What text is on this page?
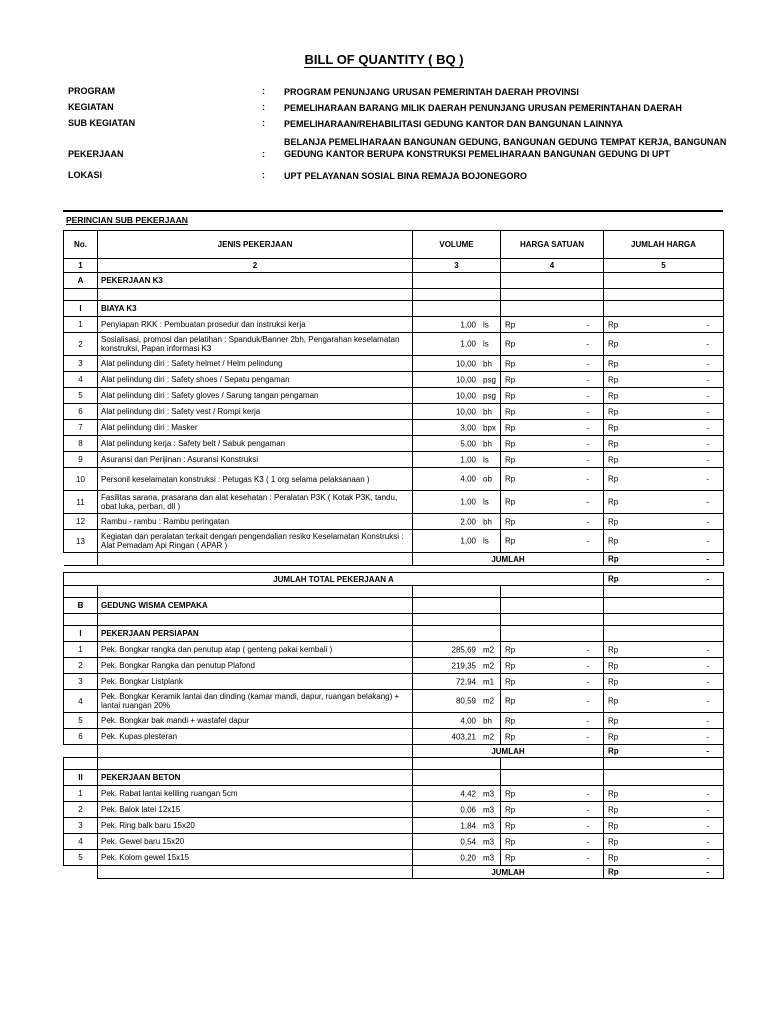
BILL OF QUANTITY ( BQ )
PROGRAM	: PROGRAM PENUNJANG URUSAN PEMERINTAH DAERAH PROVINSI
KEGIATAN	: PEMELIHARAAN BARANG MILIK DAERAH PENUNJANG URUSAN PEMERINTAHAN DAERAH
SUB KEGIATAN	: PEMELIHARAAN/REHABILITASI GEDUNG KANTOR DAN BANGUNAN LAINNYA
PEKERJAAN	:
BELANJA PEMELIHARAAN BANGUNAN GEDUNG, BANGUNAN GEDUNG TEMPAT KERJA, BANGUNAN GEDUNG KANTOR BERUPA KONSTRUKSI PEMELIHARAAN BANGUNAN GEDUNG DI UPT
LOKASI	: UPT PELAYANAN SOSIAL BINA REMAJA BOJONEGORO
PERINCIAN SUB PEKERJAAN
No.	JENIS PEKERJAAN	VOLUME	HARGA SATUAN	JUMLAH HARGA
1	2	3	4	5
A	PEKERJAAN K3			

I	BIAYA K3			
1	Penyiapan RKK : Pembuatan prosedur dan instruksi kerja	1,00 ls	Rp -	Rp -

2	Sosialisasi, promosi dan pelatihan : Spanduk/Banner 2bh, Pengarahan keselamatan konstruksi, Papan informasi K3	1,00 ls	Rp -	Rp -

3	Alat pelindung diri : Safety helmet / Helm pelindung	10,00 bh	Rp -	Rp -

4	Alat pelindung diri : Safety shoes / Sepatu pengaman	10,00 psg	Rp -	Rp -

5	Alat pelindung diri : Safety gloves / Sarung tangan pengaman	10,00 psg	Rp -	Rp -

6	Alat pelindung diri : Safety vest / Rompi kerja	10,00 bh	Rp -	Rp -

7	Alat pelindung diri : Masker	3,00 bpx	Rp -	Rp -

8	Alat pelindung kerja : Safety belt / Sabuk pengaman	5,00 bh	Rp -	Rp -

9	Asuransi dan Perijinan : Asuransi Konstruksi	1,00 ls	Rp -	Rp -

10	Personil keselamatan konstruksi : Petugas K3 ( 1 org selama pelaksanaan )	4,00 ob	Rp -	Rp -

11	Fasilitas sarana, prasarana dan alat kesehatan : Peralatan P3K ( Kotak P3K, tandu, obat luka, perban, dll )	1,00 ls	Rp -	Rp -

12	Rambu - rambu : Rambu peringatan	2,00 bh	Rp -	Rp -

13	Kegiatan dan peralatan terkait dengan pengendalian resiko Keselamatan Konstruksi : Alat Pemadam Api Ringan ( APAR )	1,00 ls	Rp -	Rp -

		JUMLAH		Rp -

JUMLAH TOTAL PEKERJAAN A				Rp -

B	GEDUNG WISMA CEMPAKA			

I	PEKERJAAN PERSIAPAN			
1	Pek. Bongkar rangka dan penutup atap ( genteng pakai kembali )	285,69 m2	Rp -	Rp -

2	Pek. Bongkar Rangka dan penutup Plafond	219,35 m2	Rp -	Rp -

3	Pek. Bongkar Listplank	72,94 m1	Rp -	Rp -

4	Pek. Bongkar Keramik lantai dan dinding (kamar mandi, dapur, ruangan belakang) + lantai ruangan 20%	80,59 m2	Rp -	Rp -

5	Pek. Bongkar bak mandi + wastafel dapur	4,00 bh	Rp -	Rp -

6	Pek. Kupas plesteran	403,21 m2	Rp -	Rp -

		JUMLAH		Rp -

II	PEKERJAAN BETON			
1	Pek. Rabat lantai keliling ruangan 5cm	4,42 m3	Rp -	Rp -

2	Pek. Balok latei 12x15	0,06 m3	Rp -	Rp -

3	Pek. Ring balk baru 15x20	1,84 m3	Rp -	Rp -

4	Pek. Gewel baru 15x20	0,54 m3	Rp -	Rp -

5	Pek. Kolom gewel 15x15	0,20 m3	Rp -	Rp -

		JUMLAH		Rp -
